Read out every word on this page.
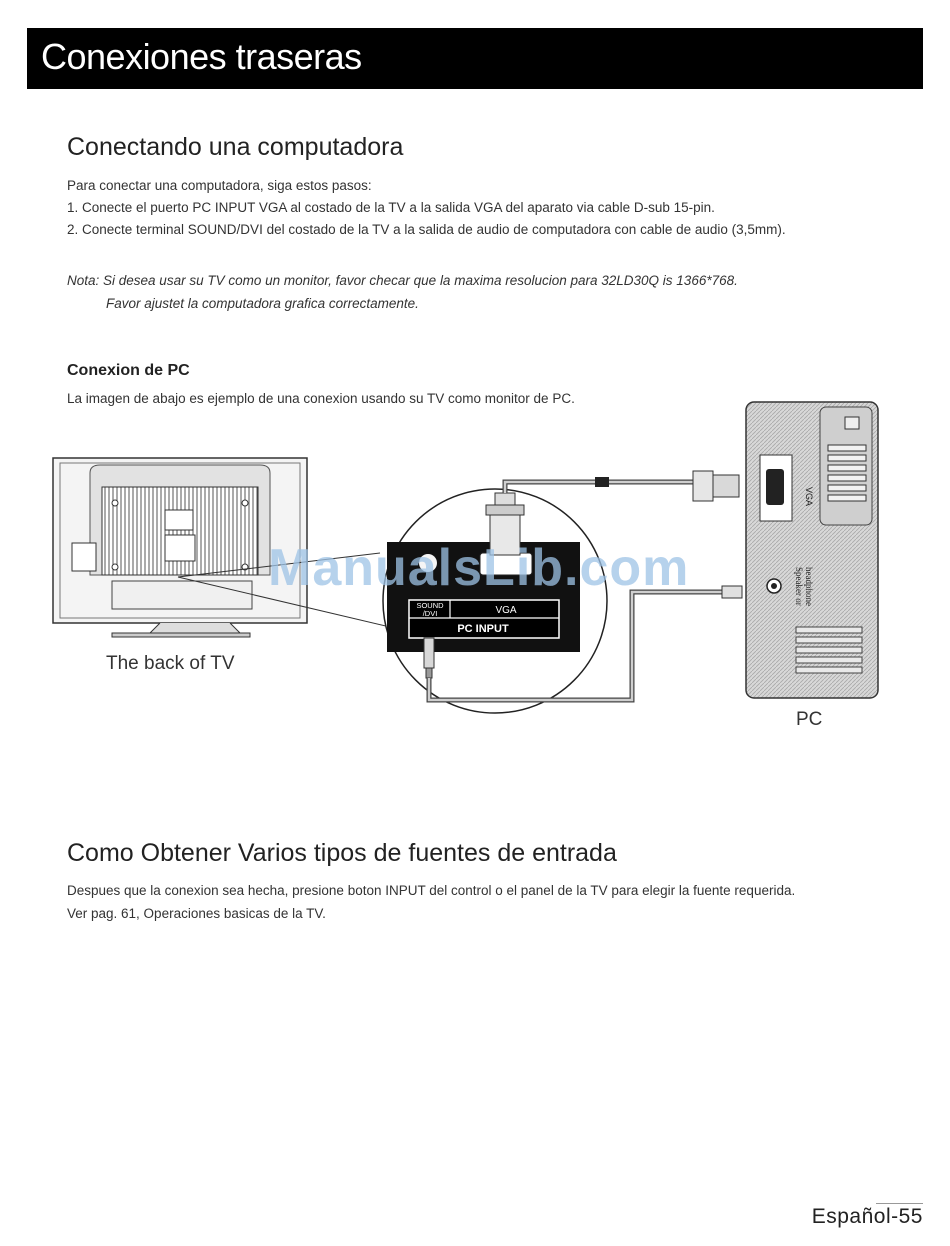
Conexiones traseras
Conectando una computadora
Para conectar una computadora, siga estos pasos:
1. Conecte el puerto PC INPUT VGA al costado de la TV a la salida VGA del aparato via cable D-sub 15-pin.
2. Conecte terminal SOUND/DVI del costado de la TV a la salida de audio de computadora con cable de audio (3,5mm).
Nota: Si desea usar su TV como un monitor, favor checar que la maxima resolucion para 32LD30Q is 1366*768.
Favor ajustet la computadora grafica correctamente.
Conexion de PC
La imagen de abajo es ejemplo de una conexion usando su TV como monitor de PC.
SOUND
/DVI	VGA
PC INPUT
VGA
Speaker or headphone
The back of TV
PC
ManualsLib.com
Como Obtener Varios tipos de fuentes de entrada
Despues que la conexion sea hecha, presione boton INPUT del control o el panel de la TV para elegir la fuente requerida.
Ver pag. 61, Operaciones basicas de la TV.
Español-55
